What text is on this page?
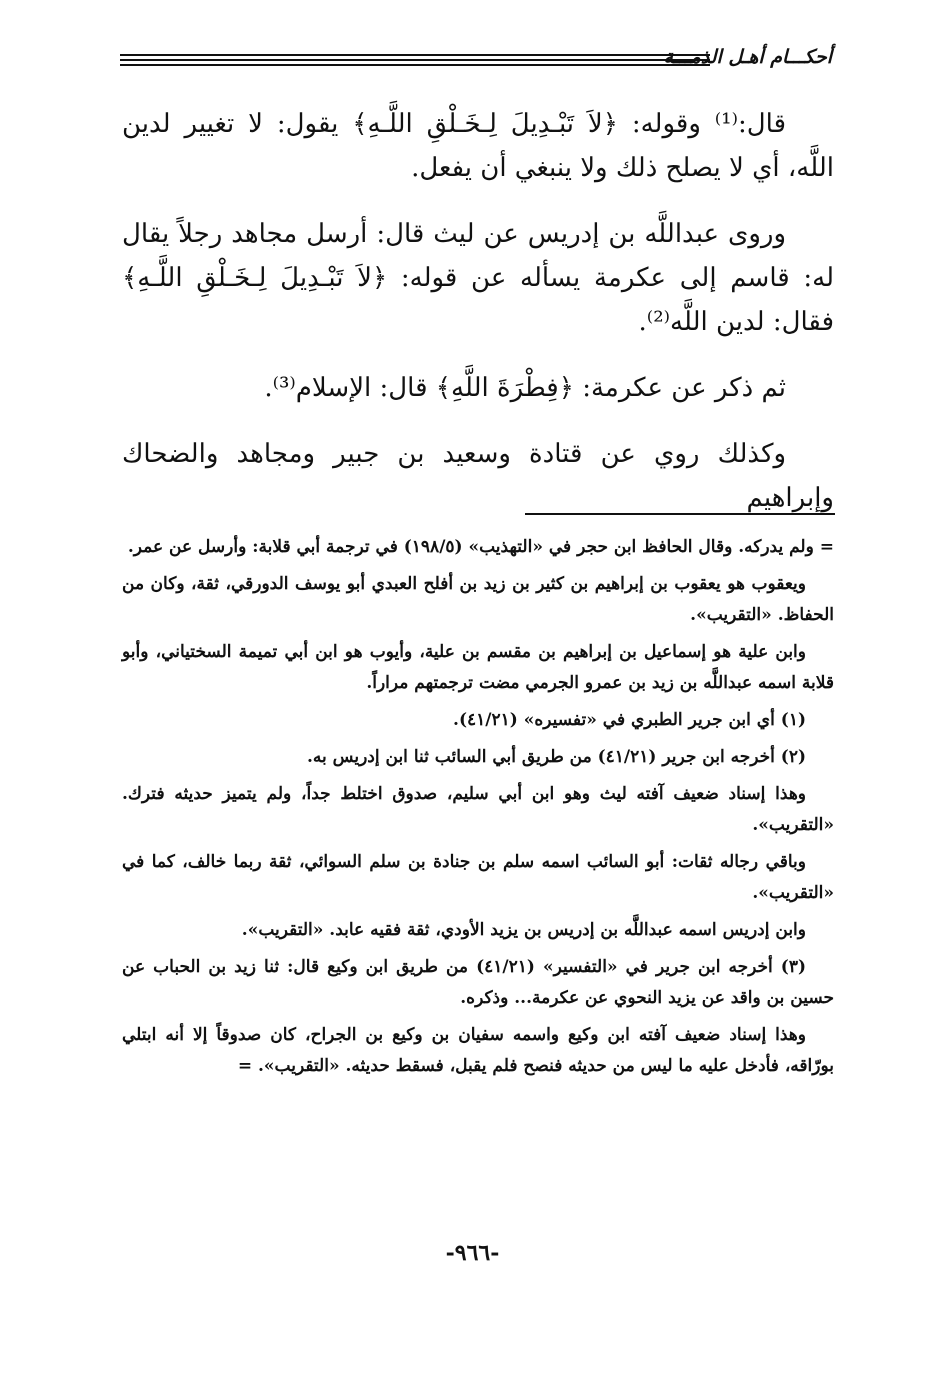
أحكـــام أهـل الذمـــة

قال:⁽¹⁾ وقوله: ﴿لاَ تَبْـدِيلَ لِـخَـلْقِ اللَّـهِ﴾ يقول: لا تغيير لدين اللَّه، أي لا يصلح ذلك ولا ينبغي أن يفعل.

وروى عبداللَّه بن إدريس عن ليث قال: أرسل مجاهد رجلاً يقال له: قاسم إلى عكرمة يسأله عن قوله: ﴿لاَ تَبْـدِيلَ لِـخَـلْقِ اللَّـهِ﴾ فقال: لدين اللَّه⁽²⁾.

ثم ذكر عن عكرمة: ﴿فِطْرَةَ اللَّهِ﴾ قال: الإسلام⁽³⁾.

وكذلك روي عن قتادة وسعيد بن جبير ومجاهد والضحاك وإبراهيم

= ولم يدركه. وقال الحافظ ابن حجر في «التهذيب» (١٩٨/٥) في ترجمة أبي قلابة: وأرسل عن عمر.

ويعقوب هو يعقوب بن إبراهيم بن كثير بن زيد بن أفلح العبدي أبو يوسف الدورقي، ثقة، وكان من الحفاظ. «التقريب».

وابن علية هو إسماعيل بن إبراهيم بن مقسم بن علية، وأيوب هو ابن أبي تميمة السختياني، وأبو قلابة اسمه عبداللَّه بن زيد بن عمرو الجرمي مضت ترجمتهم مراراً.

(١) أي ابن جرير الطبري في «تفسيره» (٤١/٢١).

(٢) أخرجه ابن جرير (٤١/٢١) من طريق أبي السائب ثنا ابن إدريس به.

وهذا إسناد ضعيف آفته ليث وهو ابن أبي سليم، صدوق اختلط جداً، ولم يتميز حديثه فترك. «التقريب».

وباقي رجاله ثقات: أبو السائب اسمه سلم بن جنادة بن سلم السوائي، ثقة ربما خالف، كما في «التقريب».

وابن إدريس اسمه عبداللَّه بن إدريس بن يزيد الأودي، ثقة فقيه عابد. «التقريب».

(٣) أخرجه ابن جرير في «التفسير» (٤١/٢١) من طريق ابن وكيع قال: ثنا زيد بن الحباب عن حسين بن واقد عن يزيد النحوي عن عكرمة... وذكره.

وهذا إسناد ضعيف آفته ابن وكيع واسمه سفيان بن وكيع بن الجراح، كان صدوقاً إلا أنه ابتلي بورّاقه، فأدخل عليه ما ليس من حديثه فنصح فلم يقبل، فسقط حديثه. «التقريب». =

-٩٦٦-
